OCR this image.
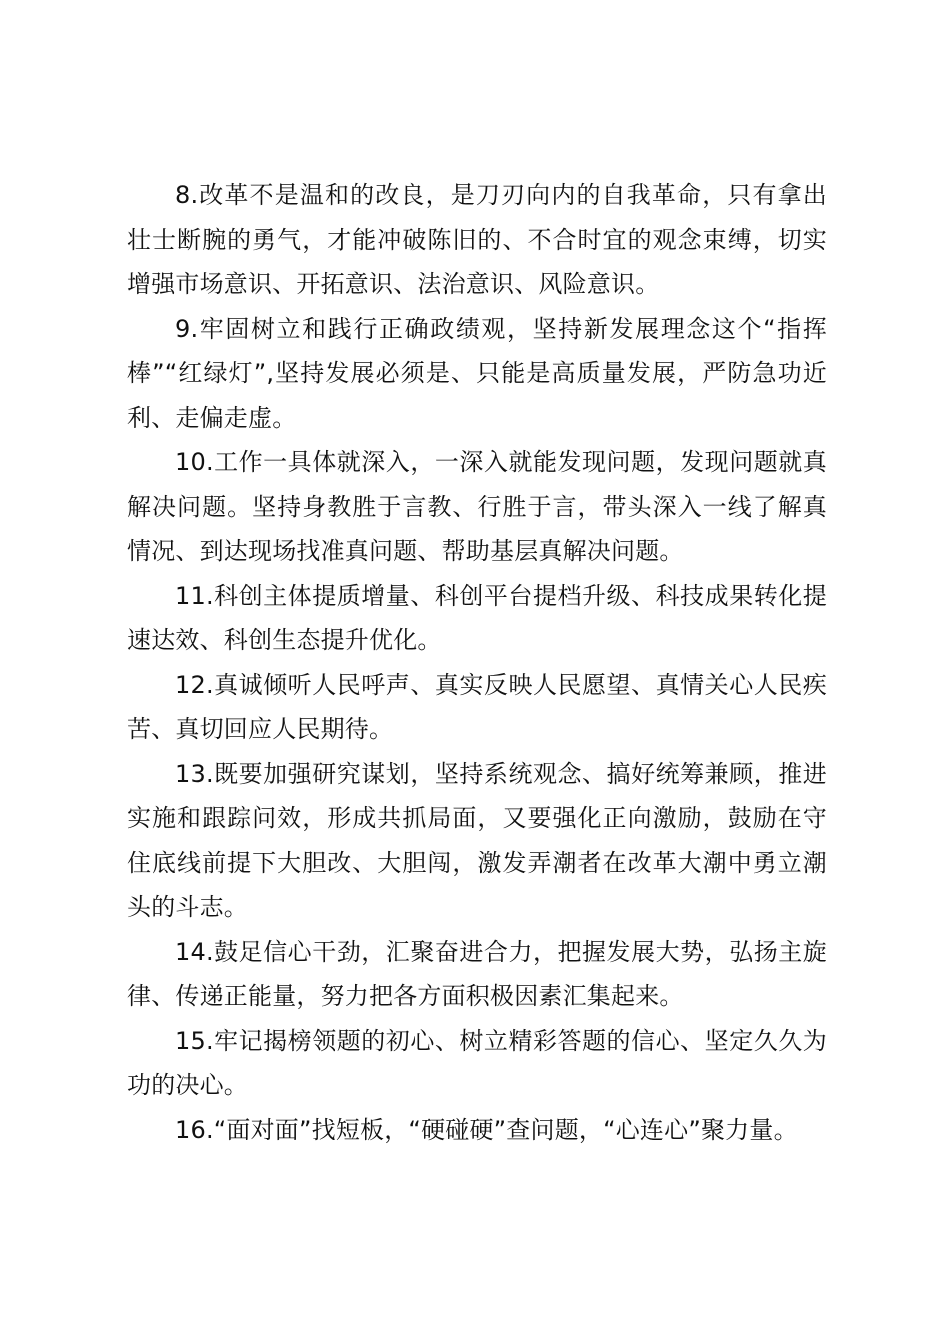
8.改革不是温和的改良，是刀刃向内的自我革命，只有拿出壮士断腕的勇气，才能冲破陈旧的、不合时宜的观念束缚，切实增强市场意识、开拓意识、法治意识、风险意识。

9.牢固树立和践行正确政绩观，坚持新发展理念这个“指挥棒”“红绿灯”,坚持发展必须是、只能是高质量发展，严防急功近利、走偏走虚。

10.工作一具体就深入，一深入就能发现问题，发现问题就真解决问题。坚持身教胜于言教、行胜于言，带头深入一线了解真情况、到达现场找准真问题、帮助基层真解决问题。

11.科创主体提质增量、科创平台提档升级、科技成果转化提速达效、科创生态提升优化。

12.真诚倾听人民呼声、真实反映人民愿望、真情关心人民疾苦、真切回应人民期待。

13.既要加强研究谋划，坚持系统观念、搞好统筹兼顾，推进实施和跟踪问效，形成共抓局面，又要强化正向激励，鼓励在守住底线前提下大胆改、大胆闯，激发弄潮者在改革大潮中勇立潮头的斗志。

14.鼓足信心干劲，汇聚奋进合力，把握发展大势，弘扬主旋律、传递正能量，努力把各方面积极因素汇集起来。

15.牢记揭榜领题的初心、树立精彩答题的信心、坚定久久为功的决心。

16.“面对面”找短板，“硬碰硬”查问题，“心连心”聚力量。
